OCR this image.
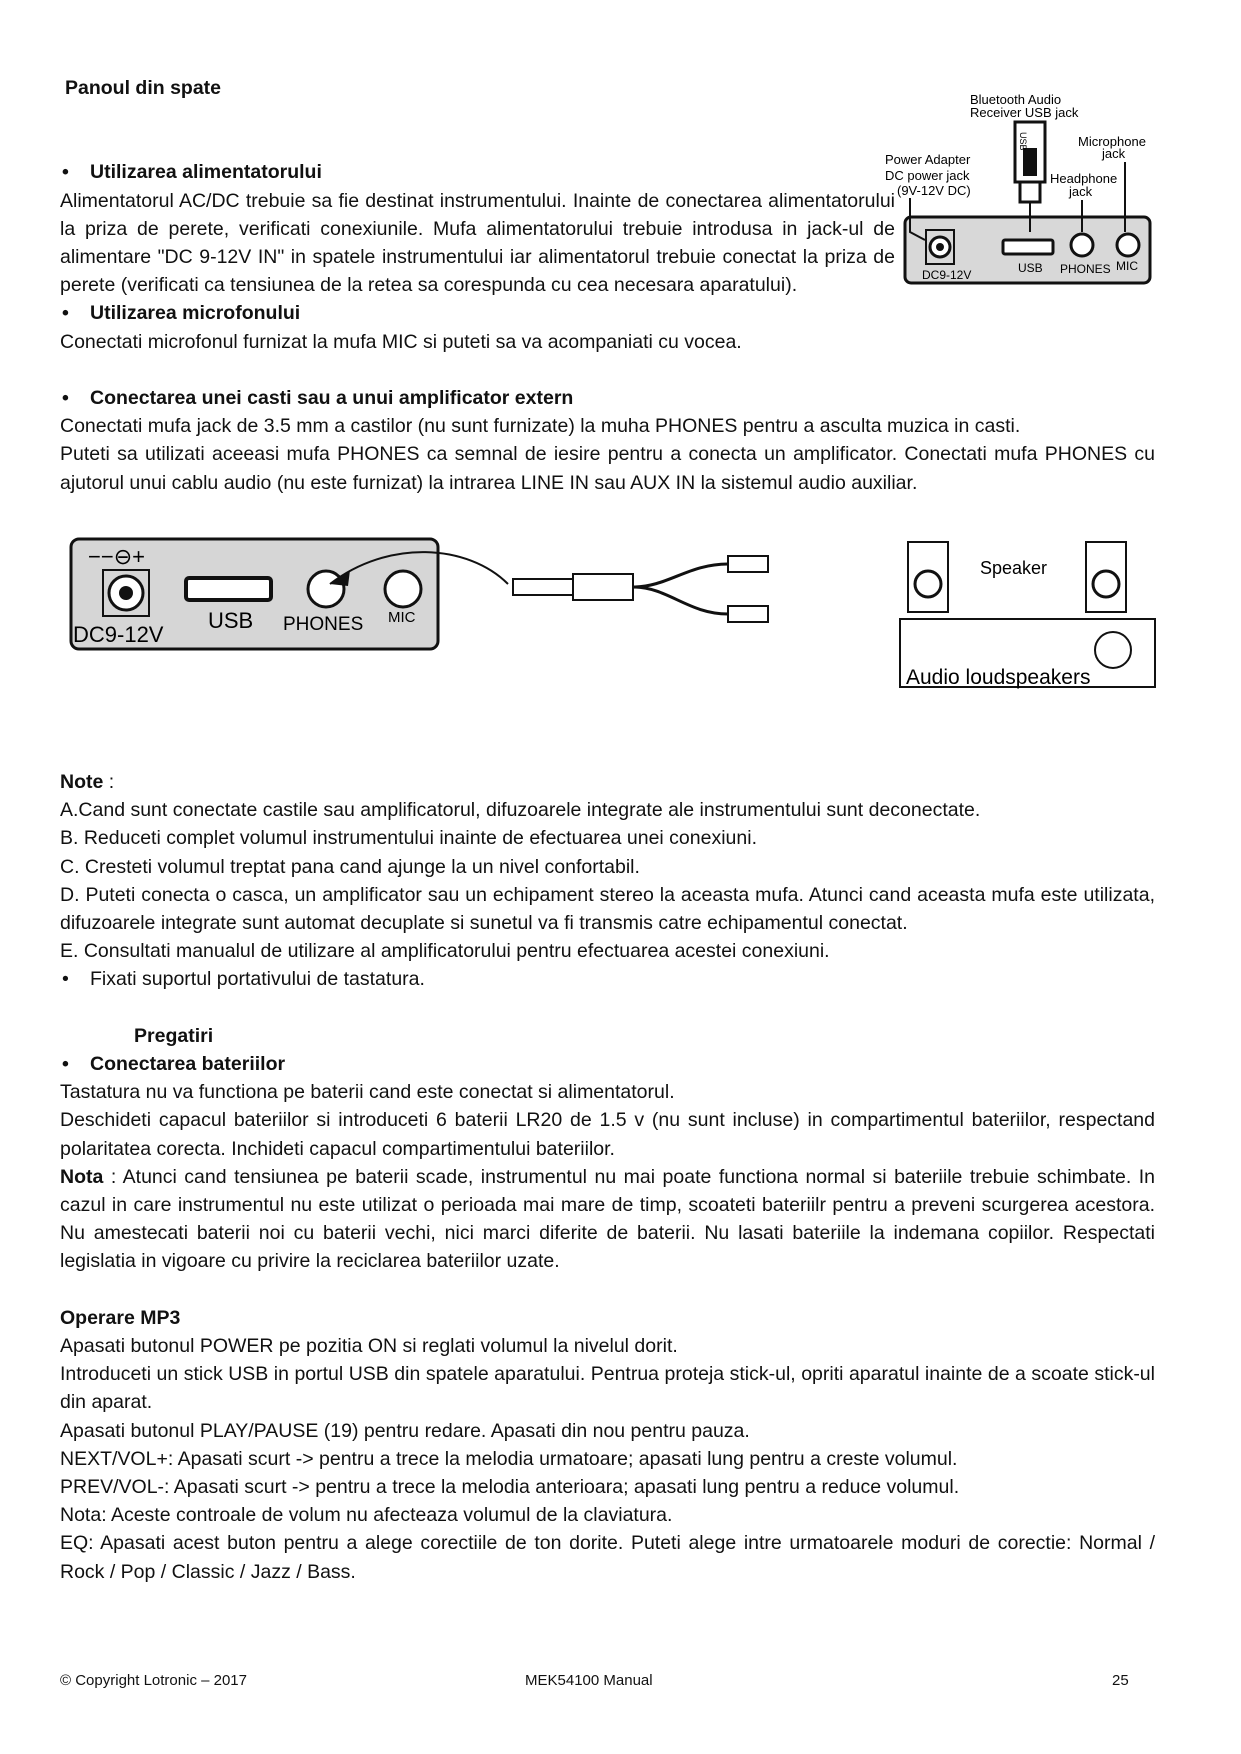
Panoul din spate

• Utilizarea alimentatorului

Alimentatorul AC/DC trebuie sa fie destinat instrumentului. Inainte de conectarea alimentatorului la priza de perete, verificati conexiunile. Mufa alimentatorului trebuie introdusa in jack-ul de alimentare "DC 9-12V IN" in spatele instrumentului iar alimentatorul trebuie conectat la priza de perete (verificati ca tensiunea de la retea sa corespunda cu cea necesara aparatului).

• Utilizarea microfonului

Conectati microfonul furnizat la mufa MIC si puteti sa va acompaniati cu vocea.

• Conectarea unei casti sau a unui amplificator extern

Conectati mufa jack de 3.5 mm a castilor (nu sunt furnizate) la muha PHONES pentru a asculta muzica in casti.

Puteti sa utilizati aceeasi mufa PHONES ca semnal de iesire pentru a conecta un amplificator. Conectati mufa PHONES cu ajutorul unui cablu audio (nu este furnizat) la intrarea LINE IN sau AUX IN la sistemul audio auxiliar.

USB
Bluetooth Audio
Receiver USB jack
Microphone
jack
Headphone
jack
Power Adapter
DC power jack
(9V-12V DC)
DC9-12V	USB PHONES MIC
−−⊖+
DC9-12V
USB PHONES MIC
Speaker
Audio loudspeakers

Note :

A.Cand sunt conectate castile sau amplificatorul, difuzoarele integrate ale instrumentului sunt deconectate.

B. Reduceti complet volumul instrumentului inainte de efectuarea unei conexiuni.

C. Cresteti volumul treptat pana cand ajunge la un nivel confortabil.

D. Puteti conecta o casca, un amplificator sau un echipament stereo la aceasta mufa. Atunci cand aceasta mufa este utilizata, difuzoarele integrate sunt automat decuplate si sunetul va fi transmis catre echipamentul conectat.

E. Consultati manualul de utilizare al amplificatorului pentru efectuarea acestei conexiuni.

• Fixati suportul portativului de tastatura.

Pregatiri

• Conectarea bateriilor

Tastatura nu va functiona pe baterii cand este conectat si alimentatorul.

Deschideti capacul bateriilor si introduceti 6 baterii LR20 de 1.5 v (nu sunt incluse) in compartimentul bateriilor, respectand polaritatea corecta. Inchideti capacul compartimentului bateriilor.

Nota : Atunci cand tensiunea pe baterii scade, instrumentul nu mai poate functiona normal si bateriile trebuie schimbate. In cazul in care instrumentul nu este utilizat o perioada mai mare de timp, scoateti bateriilr pentru a preveni scurgerea acestora. Nu amestecati baterii noi cu baterii vechi, nici marci diferite de baterii. Nu lasati bateriile la indemana copiilor. Respectati legislatia in vigoare cu privire la reciclarea bateriilor uzate.

Operare MP3

Apasati butonul POWER pe pozitia ON si reglati volumul la nivelul dorit.

Introduceti un stick USB in portul USB din spatele aparatului. Pentrua proteja stick-ul, opriti aparatul inainte de a scoate stick-ul din aparat.

Apasati butonul PLAY/PAUSE (19) pentru redare. Apasati din nou pentru pauza.

NEXT/VOL+: Apasati scurt -> pentru a trece la melodia urmatoare; apasati lung pentru a creste volumul.

PREV/VOL-: Apasati scurt -> pentru a trece la melodia anterioara; apasati lung pentru a reduce volumul.

Nota: Aceste controale de volum nu afecteaza volumul de la claviatura.

EQ: Apasati acest buton pentru a alege corectiile de ton dorite. Puteti alege intre urmatoarele moduri de corectie: Normal / Rock / Pop / Classic / Jazz / Bass.

© Copyright Lotronic – 2017	MEK54100 Manual	25
